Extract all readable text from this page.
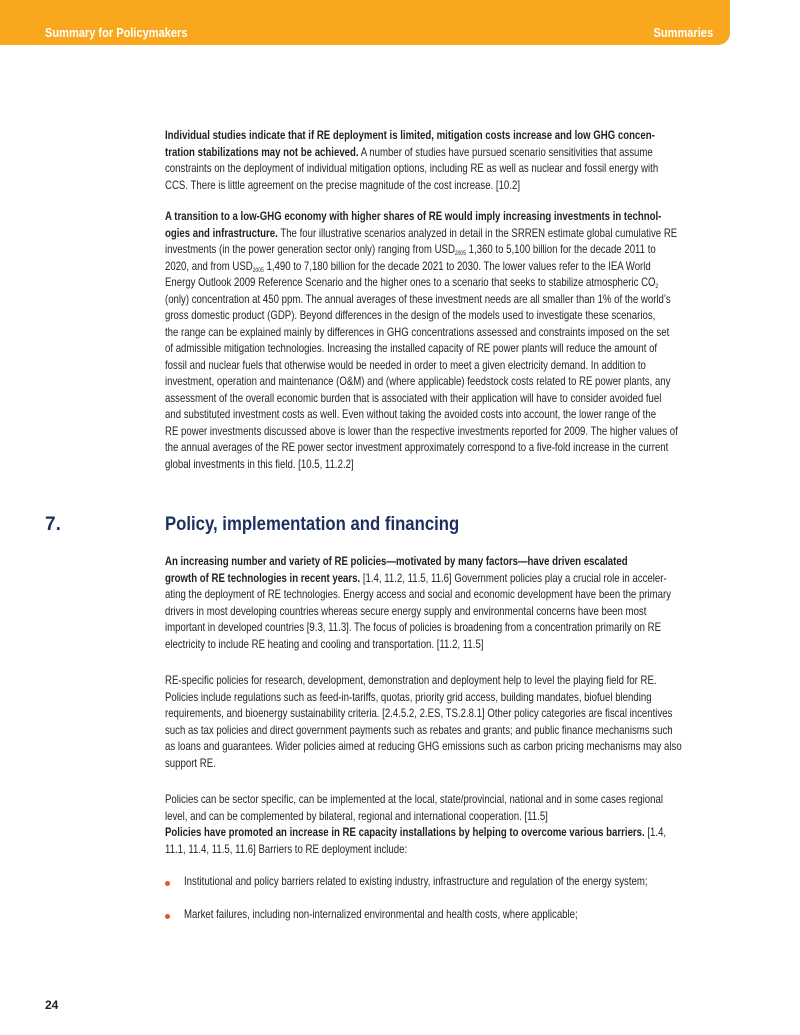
Summary for Policymakers	Summaries
Individual studies indicate that if RE deployment is limited, mitigation costs increase and low GHG concen-
tration stabilizations may not be achieved. A number of studies have pursued scenario sensitivities that assume
constraints on the deployment of individual mitigation options, including RE as well as nuclear and fossil energy with
CCS. There is little agreement on the precise magnitude of the cost increase. [10.2]
A transition to a low-GHG economy with higher shares of RE would imply increasing investments in technol-
ogies and infrastructure. The four illustrative scenarios analyzed in detail in the SRREN estimate global cumulative RE
investments (in the power generation sector only) ranging from $USD_{2005}$ 1,360 to 5,100 billion for the decade 2011 to
2020, and from $USD_{2005}$ 1,490 to 7,180 billion for the decade 2021 to 2030. The lower values refer to the IEA World
Energy Outlook 2009 Reference Scenario and the higher ones to a scenario that seeks to stabilize atmospheric $CO_2$
(only) concentration at 450 ppm. The annual averages of these investment needs are all smaller than 1% of the world’s
gross domestic product (GDP). Beyond differences in the design of the models used to investigate these scenarios,
the range can be explained mainly by differences in GHG concentrations assessed and constraints imposed on the set
of admissible mitigation technologies. Increasing the installed capacity of RE power plants will reduce the amount of
fossil and nuclear fuels that otherwise would be needed in order to meet a given electricity demand. In addition to
investment, operation and maintenance (O&M) and (where applicable) feedstock costs related to RE power plants, any
assessment of the overall economic burden that is associated with their application will have to consider avoided fuel
and substituted investment costs as well. Even without taking the avoided costs into account, the lower range of the
RE power investments discussed above is lower than the respective investments reported for 2009. The higher values of
the annual averages of the RE power sector investment approximately correspond to a five-fold increase in the current
global investments in this field. [10.5, 11.2.2]
7.	Policy, implementation and financing
An increasing number and variety of RE policies—motivated by many factors—have driven escalated
growth of RE technologies in recent years. [1.4, 11.2, 11.5, 11.6] Government policies play a crucial role in acceler-
ating the deployment of RE technologies. Energy access and social and economic development have been the primary
drivers in most developing countries whereas secure energy supply and environmental concerns have been most
important in developed countries [9.3, 11.3]. The focus of policies is broadening from a concentration primarily on RE
electricity to include RE heating and cooling and transportation. [11.2, 11.5]
RE-specific policies for research, development, demonstration and deployment help to level the playing field for RE.
Policies include regulations such as feed-in-tariffs, quotas, priority grid access, building mandates, biofuel blending
requirements, and bioenergy sustainability criteria. [2.4.5.2, 2.ES, TS.2.8.1] Other policy categories are fiscal incentives
such as tax policies and direct government payments such as rebates and grants; and public finance mechanisms such
as loans and guarantees. Wider policies aimed at reducing GHG emissions such as carbon pricing mechanisms may also
support RE.
Policies can be sector specific, can be implemented at the local, state/provincial, national and in some cases regional
level, and can be complemented by bilateral, regional and international cooperation. [11.5]
Policies have promoted an increase in RE capacity installations by helping to overcome various barriers. [1.4,
11.1, 11.4, 11.5, 11.6] Barriers to RE deployment include:
Institutional and policy barriers related to existing industry, infrastructure and regulation of the energy system;
Market failures, including non-internalized environmental and health costs, where applicable;
24
